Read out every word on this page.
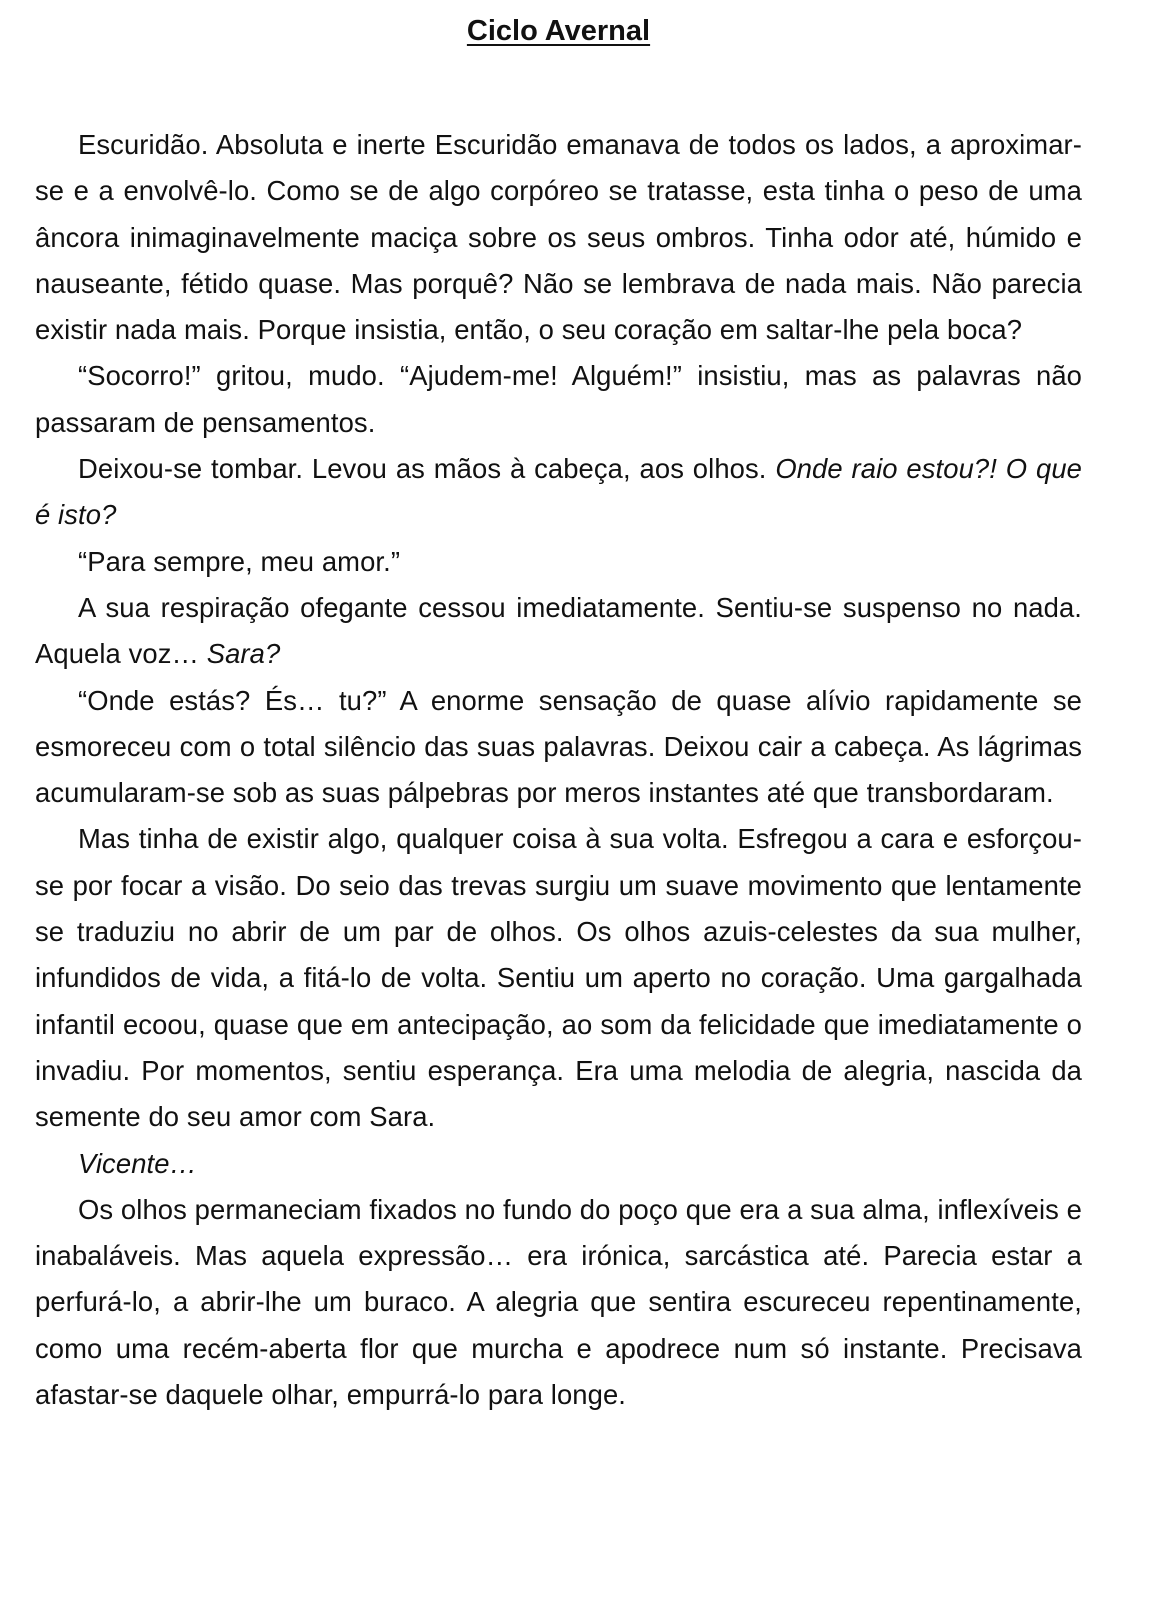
Ciclo Avernal

Escuridão. Absoluta e inerte Escuridão emanava de todos os lados, a aproximar-se e a envolvê-lo. Como se de algo corpóreo se tratasse, esta tinha o peso de uma âncora inimaginavelmente maciça sobre os seus ombros. Tinha odor até, húmido e nauseante, fétido quase. Mas porquê? Não se lembrava de nada mais. Não parecia existir nada mais. Porque insistia, então, o seu coração em saltar-lhe pela boca?

“Socorro!” gritou, mudo. “Ajudem-me! Alguém!” insistiu, mas as palavras não passaram de pensamentos.

Deixou-se tombar. Levou as mãos à cabeça, aos olhos. Onde raio estou?! O que é isto?

“Para sempre, meu amor.”

A sua respiração ofegante cessou imediatamente. Sentiu-se suspenso no nada. Aquela voz… Sara?

“Onde estás? És… tu?” A enorme sensação de quase alívio rapidamente se esmoreceu com o total silêncio das suas palavras. Deixou cair a cabeça. As lágrimas acumularam-se sob as suas pálpebras por meros instantes até que transbordaram.

Mas tinha de existir algo, qualquer coisa à sua volta. Esfregou a cara e esforçou-se por focar a visão. Do seio das trevas surgiu um suave movimento que lentamente se traduziu no abrir de um par de olhos. Os olhos azuis-celestes da sua mulher, infundidos de vida, a fitá-lo de volta. Sentiu um aperto no coração. Uma gargalhada infantil ecoou, quase que em antecipação, ao som da felicidade que imediatamente o invadiu. Por momentos, sentiu esperança. Era uma melodia de alegria, nascida da semente do seu amor com Sara.

Vicente…

Os olhos permaneciam fixados no fundo do poço que era a sua alma, inflexíveis e inabaláveis. Mas aquela expressão… era irónica, sarcástica até. Parecia estar a perfurá-lo, a abrir-lhe um buraco. A alegria que sentira escureceu repentinamente, como uma recém-aberta flor que murcha e apodrece num só instante. Precisava afastar-se daquele olhar, empurrá-lo para longe.
